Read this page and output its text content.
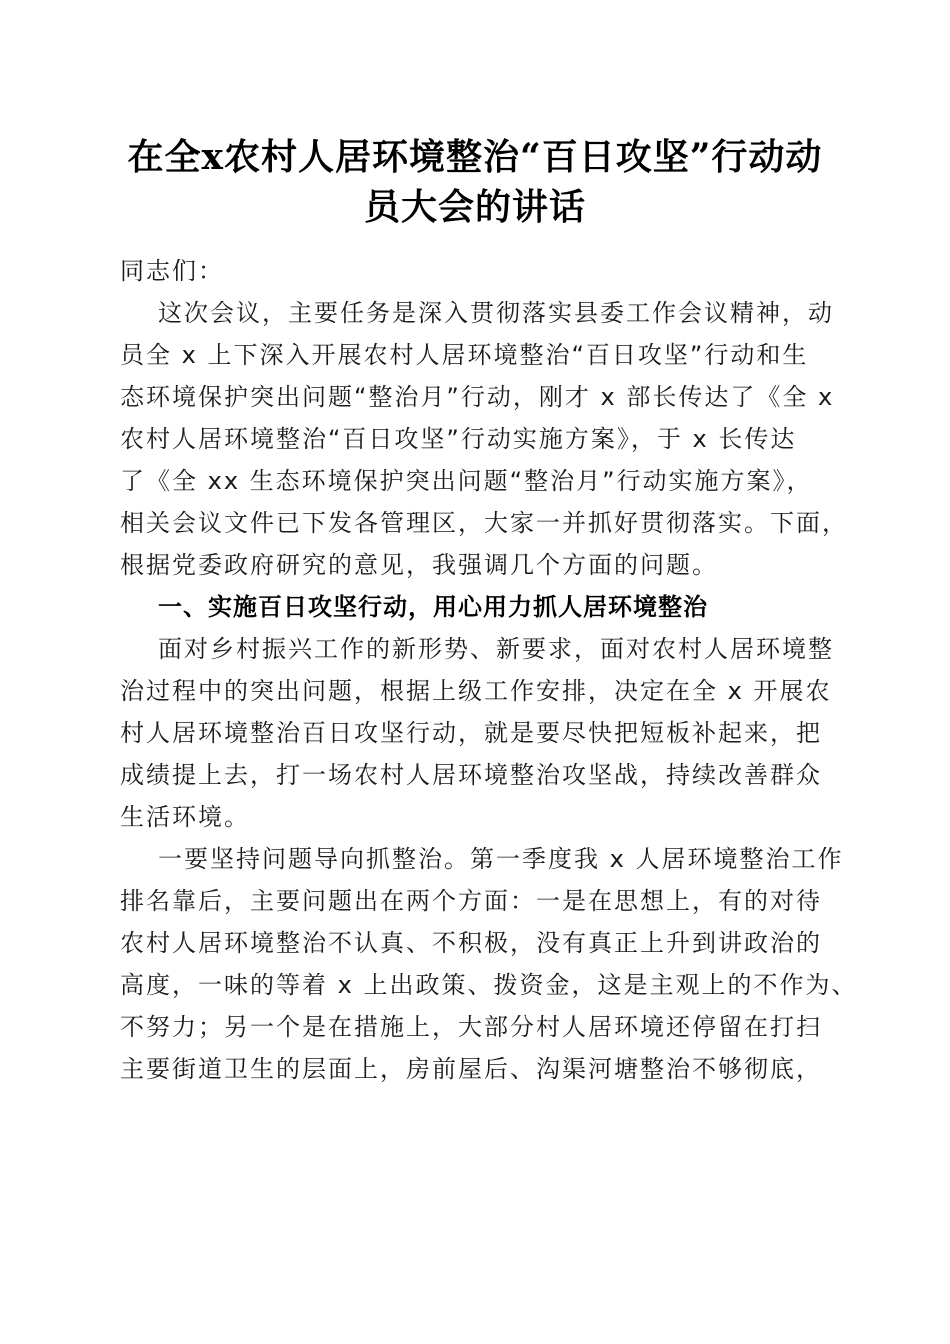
在全x农村人居环境整治“百日攻坚”行动动
员大会的讲话
同志们：
这次会议，主要任务是深入贯彻落实县委工作会议精神，动
员全 x 上下深入开展农村人居环境整治“百日攻坚”行动和生
态环境保护突出问题“整治月”行动，刚才 x 部长传达了《全 x
农村人居环境整治“百日攻坚”行动实施方案》，于 x 长传达
了《全 xx 生态环境保护突出问题“整治月”行动实施方案》，
相关会议文件已下发各管理区，大家一并抓好贯彻落实。下面，
根据党委政府研究的意见，我强调几个方面的问题。
一、实施百日攻坚行动，用心用力抓人居环境整治
面对乡村振兴工作的新形势、新要求，面对农村人居环境整
治过程中的突出问题，根据上级工作安排，决定在全 x 开展农
村人居环境整治百日攻坚行动，就是要尽快把短板补起来，把
成绩提上去，打一场农村人居环境整治攻坚战，持续改善群众
生活环境。
一要坚持问题导向抓整治。第一季度我 x 人居环境整治工作
排名靠后，主要问题出在两个方面：一是在思想上，有的对待
农村人居环境整治不认真、不积极，没有真正上升到讲政治的
高度，一味的等着 x 上出政策、拨资金，这是主观上的不作为、
不努力；另一个是在措施上，大部分村人居环境还停留在打扫
主要街道卫生的层面上，房前屋后、沟渠河塘整治不够彻底，
